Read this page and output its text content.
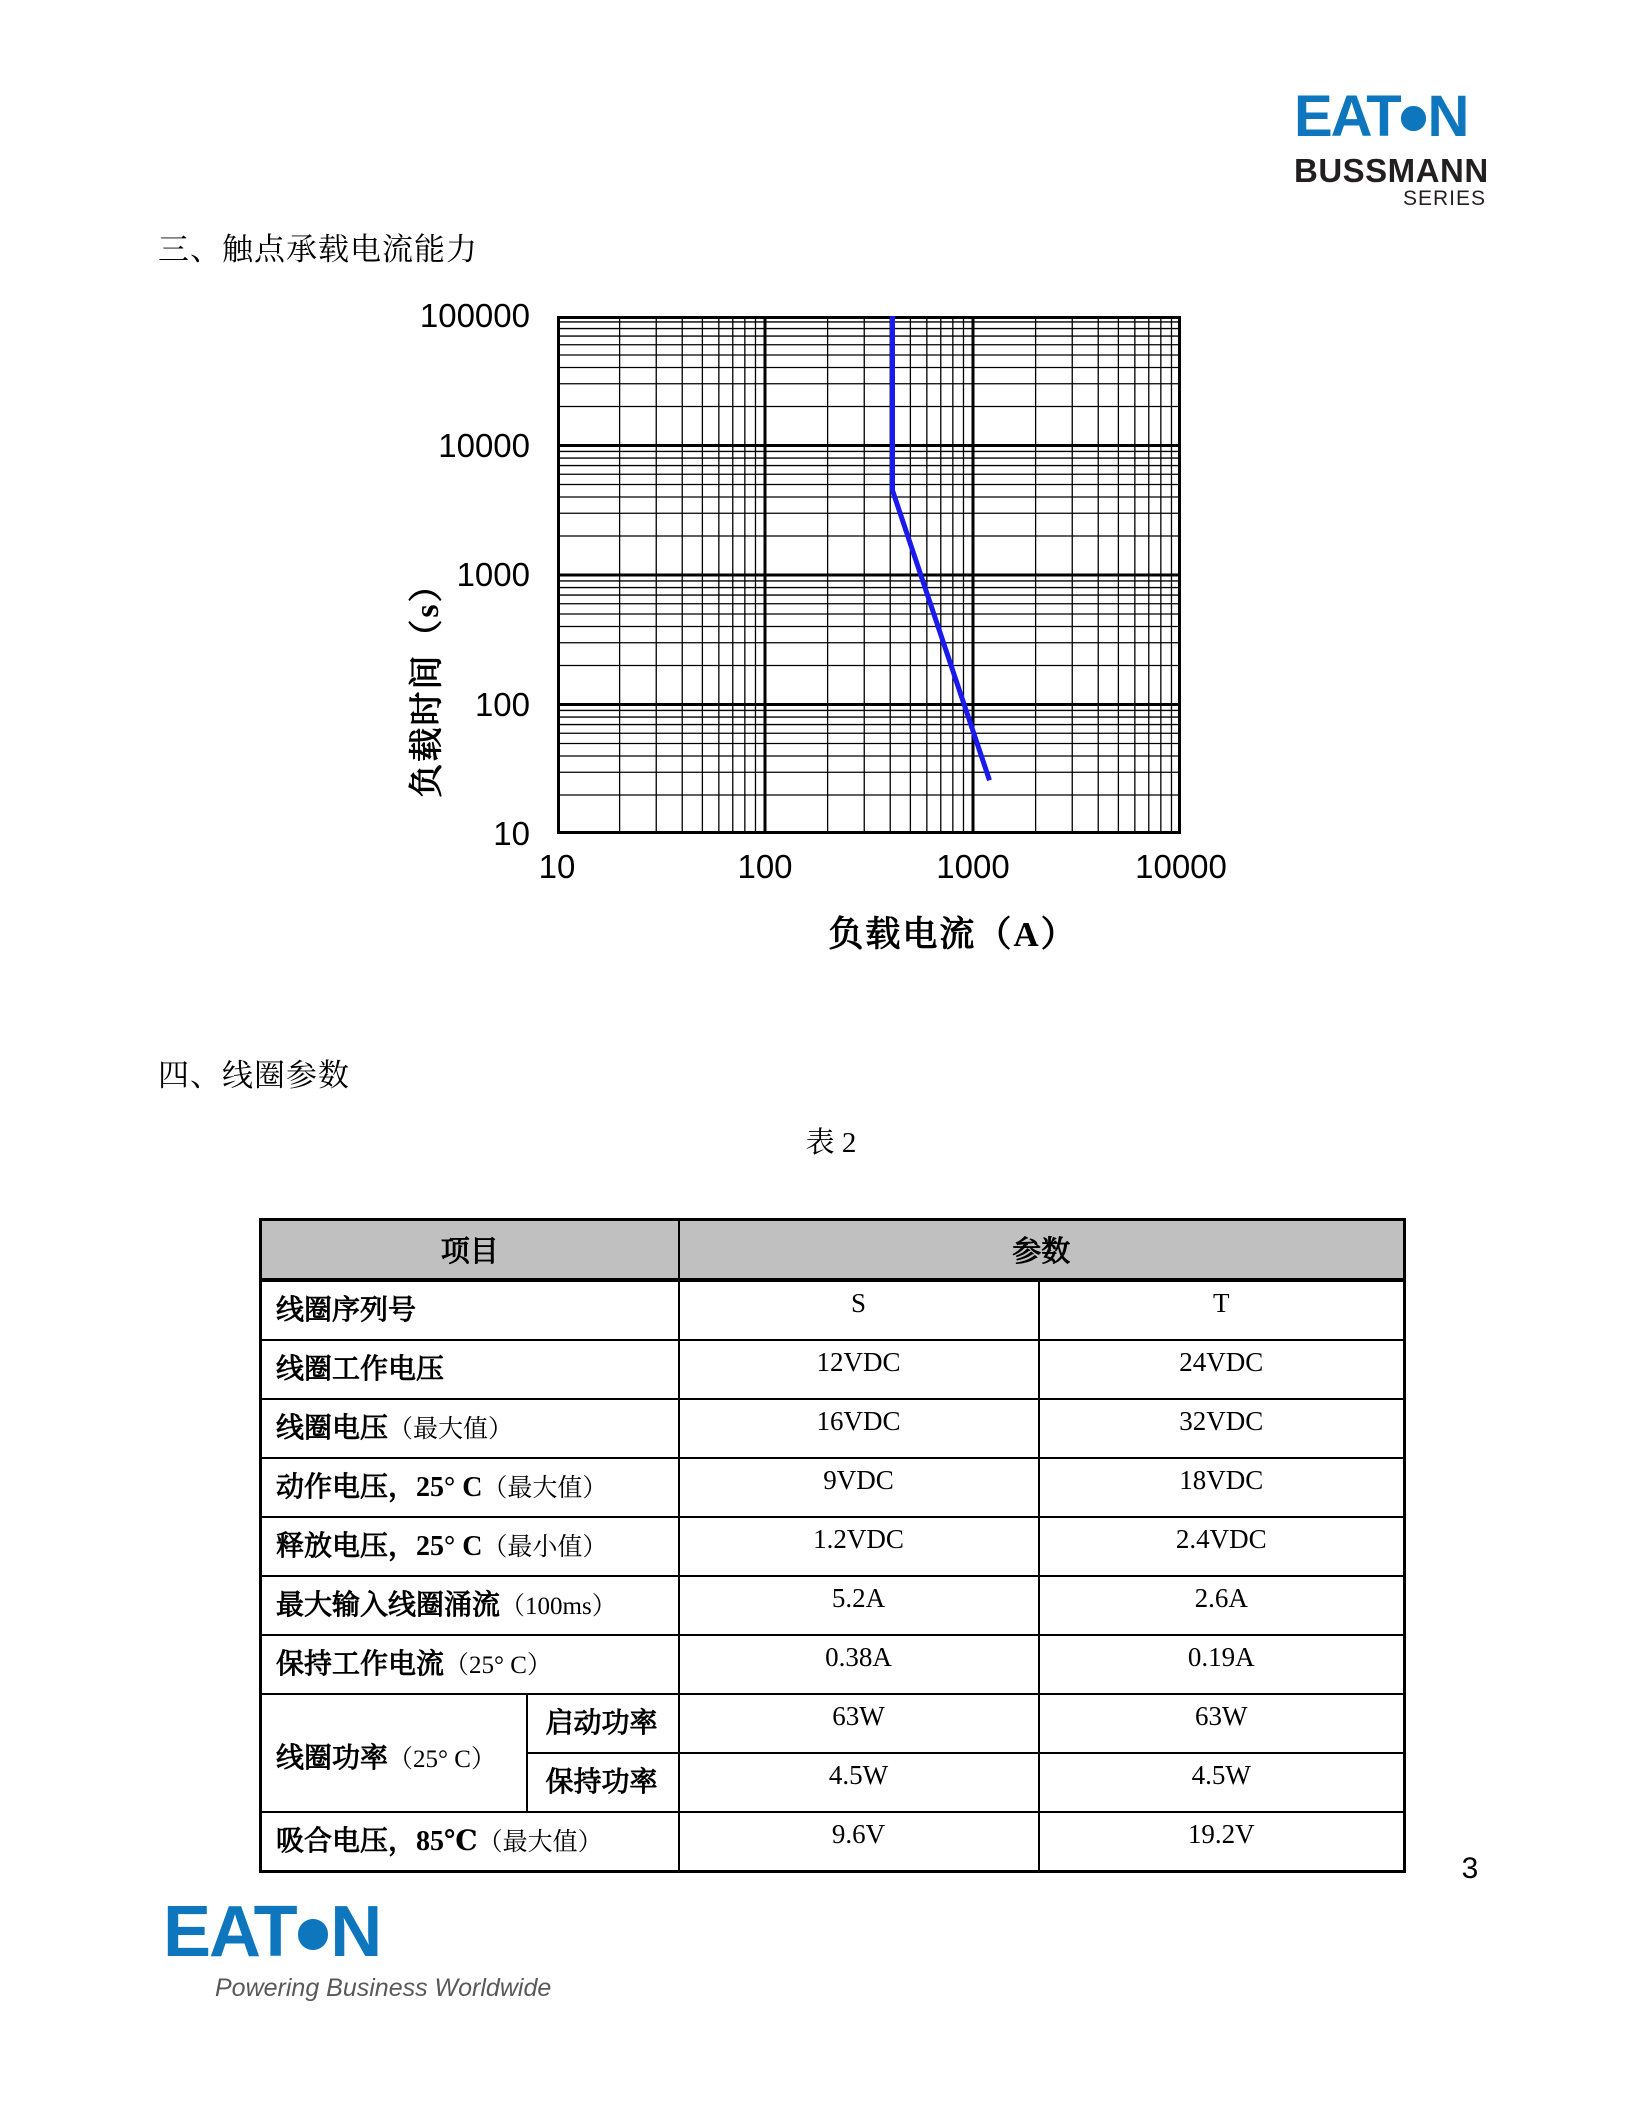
EAT N
BUSSMANN
SERIES
三、触点承载电流能力
负载时间（s）
负载电流（A）
100000
10000
1000
100
10
10	100	1000	10000
四、线圈参数
表 2
项目		参数	
线圈序列号		S	T
线圈工作电压		12VDC	24VDC
线圈电压（最大值）		16VDC	32VDC
动作电压，25° C（最大值）		9VDC	18VDC
释放电压，25° C（最小值）		1.2VDC	2.4VDC
最大输入线圈涌流（100ms）		5.2A	2.6A
保持工作电流（25° C）		0.38A	0.19A
线圈功率（25° C）	启动功率	63W	63W
	保持功率	4.5W	4.5W
吸合电压，85℃（最大值）		9.6V	19.2V
EAT N
Powering Business Worldwide
3
